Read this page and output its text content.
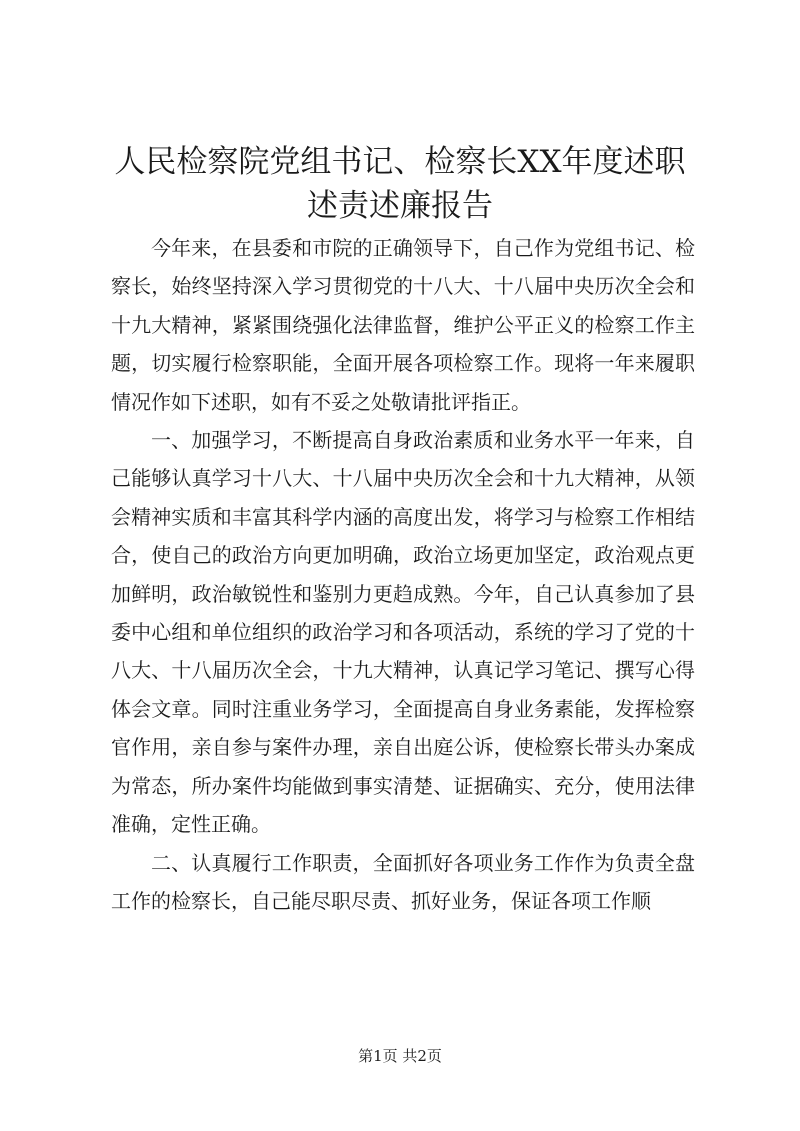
人民检察院党组书记、检察长XX年度述职述责述廉报告

今年来，在县委和市院的正确领导下，自己作为党组书记、检察长，始终坚持深入学习贯彻党的十八大、十八届中央历次全会和十九大精神，紧紧围绕强化法律监督，维护公平正义的检察工作主题，切实履行检察职能，全面开展各项检察工作。现将一年来履职情况作如下述职，如有不妥之处敬请批评指正。

一、加强学习，不断提高自身政治素质和业务水平一年来，自己能够认真学习十八大、十八届中央历次全会和十九大精神，从领会精神实质和丰富其科学内涵的高度出发，将学习与检察工作相结合，使自己的政治方向更加明确，政治立场更加坚定，政治观点更加鲜明，政治敏锐性和鉴别力更趋成熟。今年，自己认真参加了县委中心组和单位组织的政治学习和各项活动，系统的学习了党的十八大、十八届历次全会，十九大精神，认真记学习笔记、撰写心得体会文章。同时注重业务学习，全面提高自身业务素能，发挥检察官作用，亲自参与案件办理，亲自出庭公诉，使检察长带头办案成为常态，所办案件均能做到事实清楚、证据确实、充分，使用法律准确，定性正确。

二、认真履行工作职责，全面抓好各项业务工作作为负责全盘工作的检察长，自己能尽职尽责、抓好业务，保证各项工作顺

第1页 共2页
